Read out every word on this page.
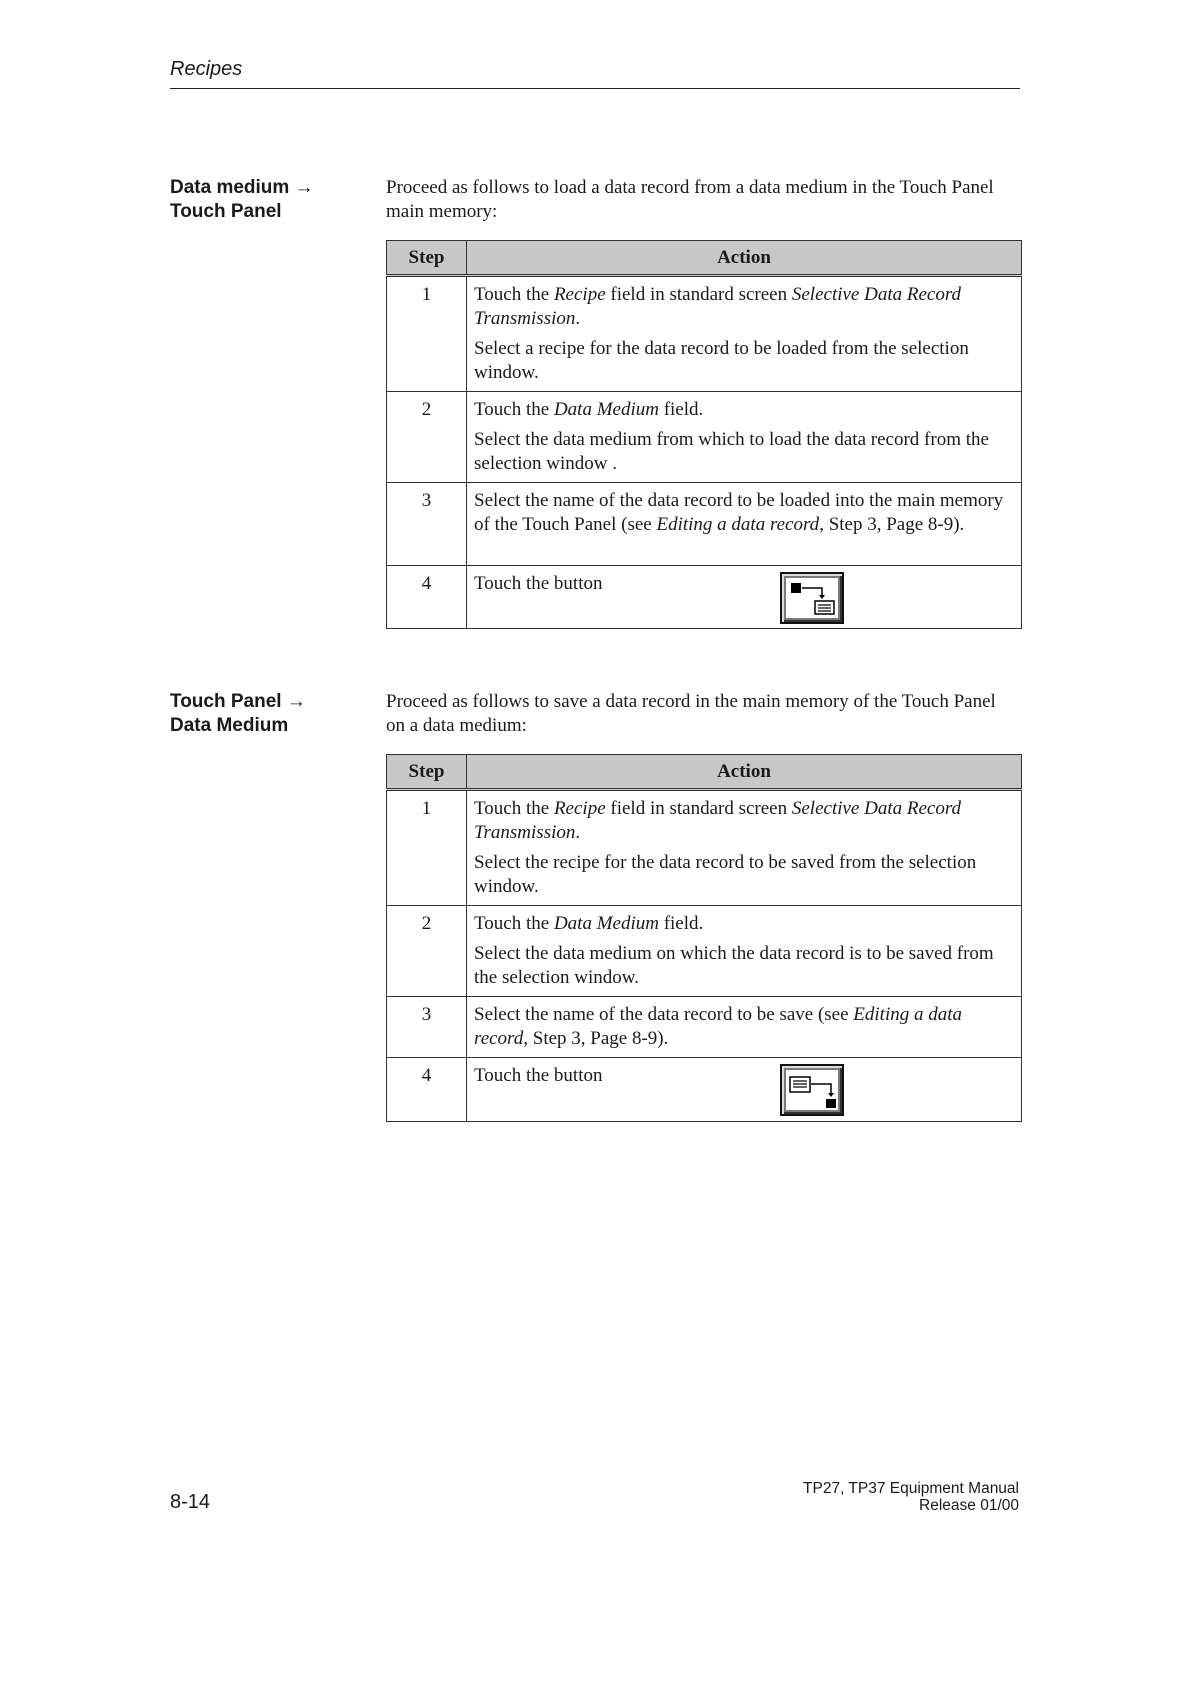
Recipes
Data medium →
Touch Panel
Proceed as follows to load a data record from a data medium in the Touch Panel main memory:
Step	Action
1	Touch the Recipe field in standard screen Selective Data Record Transmission.

Select a recipe for the data record to be loaded from the selection window.

2	Touch the Data Medium field.

Select the data medium from which to load the data record from the selection window .

3	Select the name of the data record to be loaded into the main memory of the Touch Panel (see Editing a data record, Step 3, Page 8-9).

4	Touch the button
Touch Panel →
Data Medium
Proceed as follows to save a data record in the main memory of the Touch Panel on a data medium:
Step	Action
1	Touch the Recipe field in standard screen Selective Data Record Transmission.

Select the recipe for the data record to be saved from the selection window.

2	Touch the Data Medium field.

Select the data medium on which the data record is to be saved from the selection window.

3	Select the name of the data record to be save (see Editing a data record, Step 3, Page 8-9).

4	Touch the button
8-14
TP27, TP37 Equipment Manual
Release 01/00
